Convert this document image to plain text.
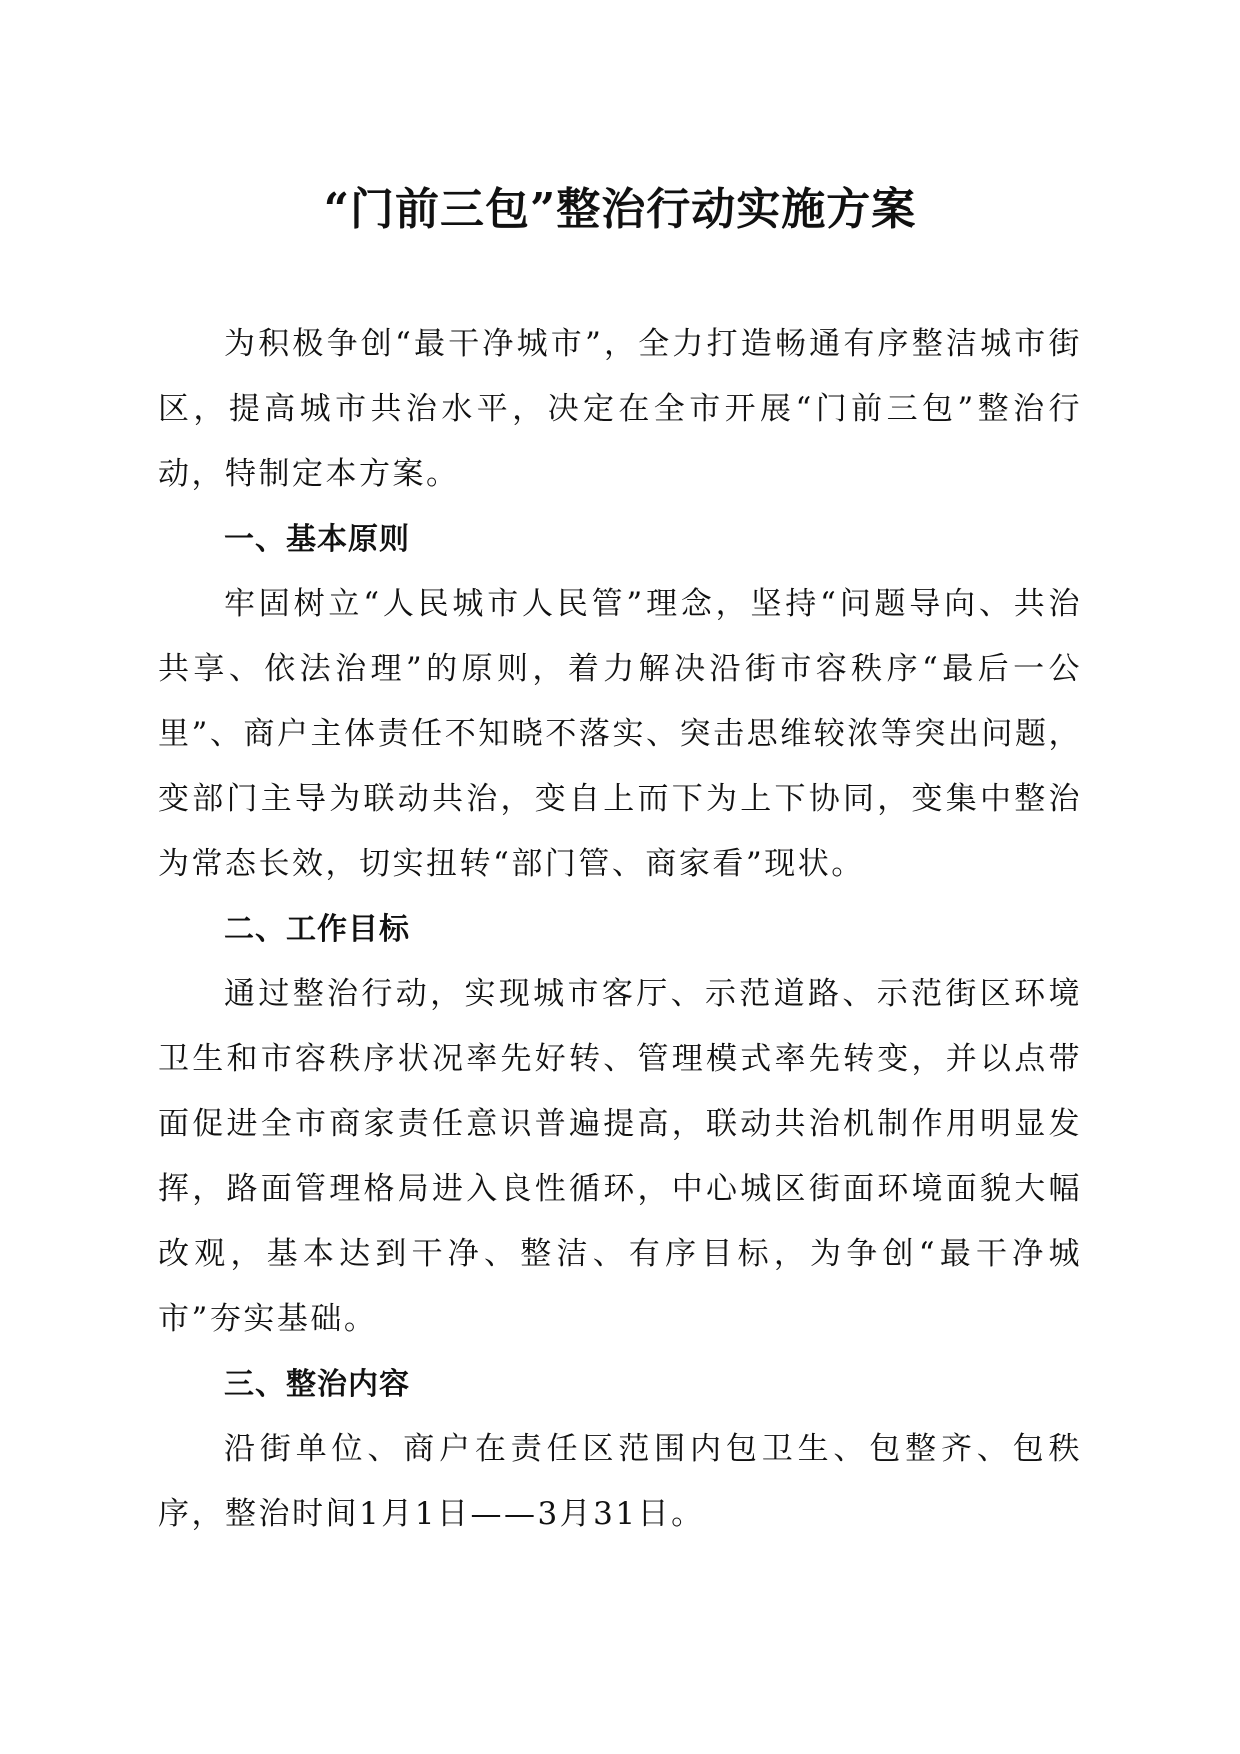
“门前三包”整治行动实施方案

为积极争创“最干净城市”，全力打造畅通有序整洁城市街区，提高城市共治水平，决定在全市开展“门前三包”整治行动，特制定本方案。

一、基本原则

牢固树立“人民城市人民管”理念，坚持“问题导向、共治共享、依法治理”的原则，着力解决沿街市容秩序“最后一公里”、商户主体责任不知晓不落实、突击思维较浓等突出问题，变部门主导为联动共治，变自上而下为上下协同，变集中整治为常态长效，切实扭转“部门管、商家看”现状。

二、工作目标

通过整治行动，实现城市客厅、示范道路、示范街区环境卫生和市容秩序状况率先好转、管理模式率先转变，并以点带面促进全市商家责任意识普遍提高，联动共治机制作用明显发挥，路面管理格局进入良性循环，中心城区街面环境面貌大幅改观，基本达到干净、整洁、有序目标，为争创“最干净城市”夯实基础。

三、整治内容

沿街单位、商户在责任区范围内包卫生、包整齐、包秩序，整治时间1月1日——3月31日。
